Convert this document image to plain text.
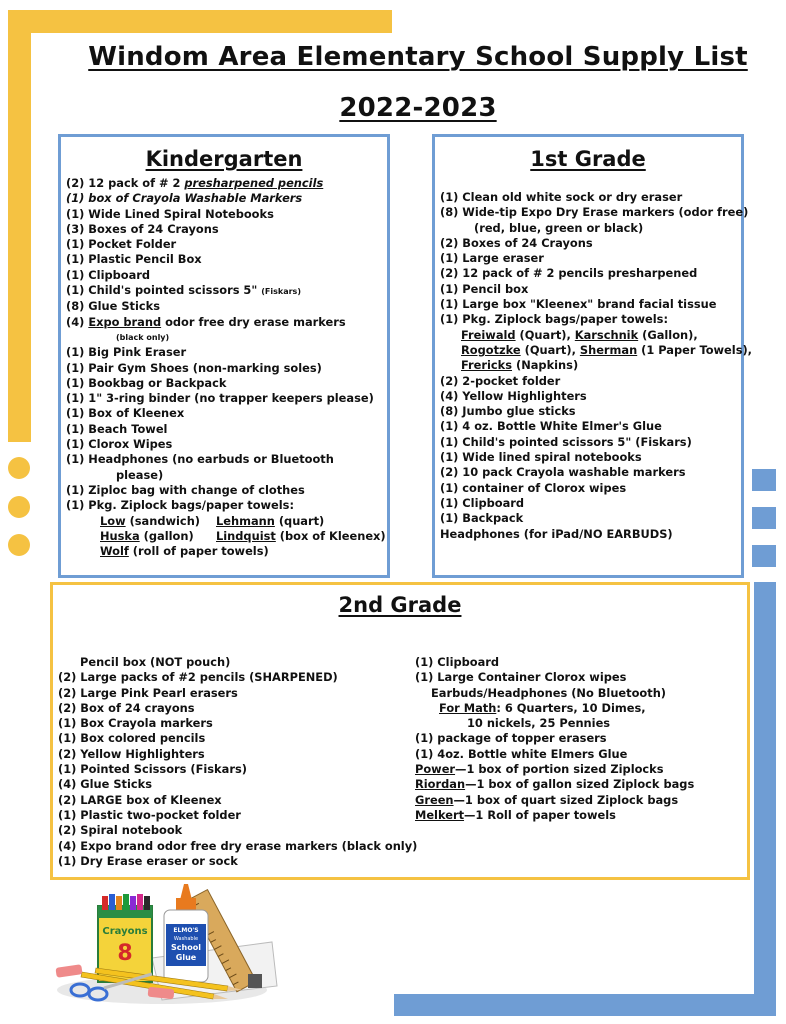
Windom Area Elementary School Supply List
2022-2023
Kindergarten
(2) 12 pack of # 2 presharpened pencils
(1) box of Crayola Washable Markers
(1) Wide Lined Spiral Notebooks
(3) Boxes of 24 Crayons
(1) Pocket Folder
(1) Plastic Pencil Box
(1) Clipboard
(1) Child's pointed scissors 5" (Fiskars)
(8) Glue Sticks
(4) Expo brand odor free dry erase markers
(black only)
(1) Big Pink Eraser
(1) Pair Gym Shoes (non-marking soles)
(1) Bookbag or Backpack
(1) 1" 3-ring binder (no trapper keepers please)
(1) Box of Kleenex
(1) Beach Towel
(1) Clorox Wipes
(1) Headphones (no earbuds or Bluetooth
please)
(1) Ziploc bag with change of clothes
(1) Pkg. Ziplock bags/paper towels:
Low (sandwich) Lehmann (quart)
Huska (gallon) Lindquist (box of Kleenex)
Wolf (roll of paper towels)
1st Grade
(1) Clean old white sock or dry eraser
(8) Wide-tip Expo Dry Erase markers (odor free)
(red, blue, green or black)
(2) Boxes of 24 Crayons
(1) Large eraser
(2) 12 pack of # 2 pencils presharpened
(1) Pencil box
(1) Large box "Kleenex" brand facial tissue
(1) Pkg. Ziplock bags/paper towels:
Freiwald (Quart), Karschnik (Gallon),
Rogotzke (Quart), Sherman (1 Paper Towels),
Frericks (Napkins)
(2) 2-pocket folder
(4) Yellow Highlighters
(8) Jumbo glue sticks
(1) 4 oz. Bottle White Elmer's Glue
(1) Child's pointed scissors 5" (Fiskars)
(1) Wide lined spiral notebooks
(2) 10 pack Crayola washable markers
(1) container of Clorox wipes
(1) Clipboard
(1) Backpack
Headphones (for iPad/NO EARBUDS)
2nd Grade
Pencil box (NOT pouch)
(2) Large packs of #2 pencils (SHARPENED)
(2) Large Pink Pearl erasers
(2) Box of 24 crayons
(1) Box Crayola markers
(1) Box colored pencils
(2) Yellow Highlighters
(1) Pointed Scissors (Fiskars)
(4) Glue Sticks
(2) LARGE box of Kleenex
(1) Plastic two-pocket folder
(2) Spiral notebook
(4) Expo brand odor free dry erase markers (black only)
(1) Dry Erase eraser or sock
(1) Clipboard
(1) Large Container Clorox wipes
Earbuds/Headphones (No Bluetooth)
For Math: 6 Quarters, 10 Dimes,
10 nickels, 25 Pennies
(1) package of topper erasers
(1) 4oz. Bottle white Elmers Glue
Power—1 box of portion sized Ziplocks
Riordan—1 box of gallon sized Ziplock bags
Green—1 box of quart sized Ziplock bags
Melkert—1 Roll of paper towels
Crayons
8
ELMO'S
Washable
School
Glue
